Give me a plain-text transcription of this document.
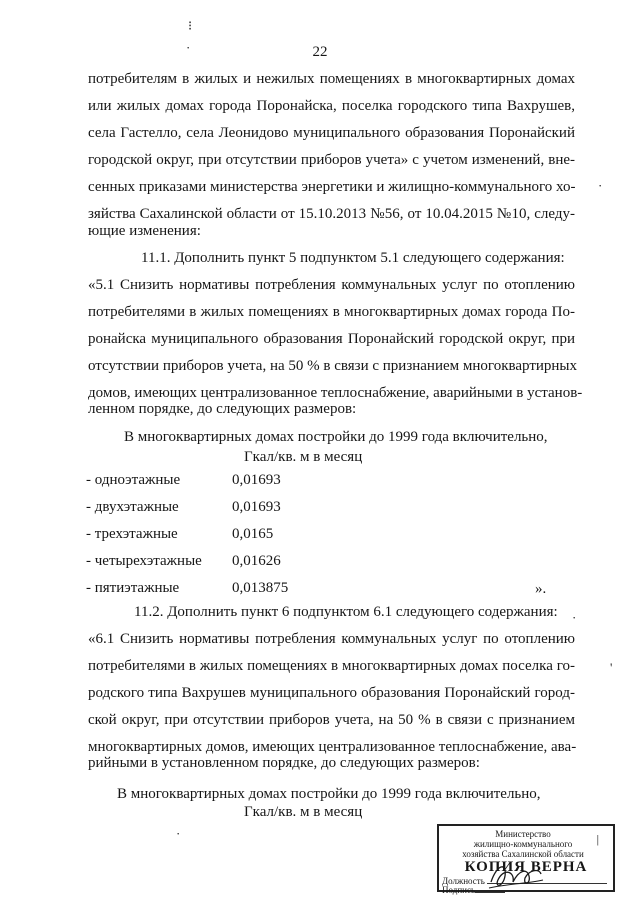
22
потребителям в жилых и нежилых помещениях в многоквартирных домах
или жилых домах города Поронайска, поселка городского типа Вахрушев,
села Гастелло, села Леонидово муниципального образования Поронайский
городской округ, при отсутствии приборов учета» с учетом изменений, вне-
сенных приказами министерства энергетики и жилищно-коммунального хо-
зяйства Сахалинской области от 15.10.2013 №56, от 10.04.2015 №10, следу-
ющие изменения:
11.1. Дополнить пункт 5 подпунктом 5.1 следующего содержания:
«5.1 Снизить нормативы потребления коммунальных услуг по отоплению
потребителями в жилых помещениях в многоквартирных домах города По-
ронайска муниципального образования Поронайский городской округ, при
отсутствии приборов учета, на 50 % в связи с признанием многоквартирных
домов, имеющих централизованное теплоснабжение, аварийными в установ-
ленном порядке, до следующих размеров:
В многоквартирных домах постройки до 1999 года включительно,
Гкал/кв. м в месяц
- одноэтажные	0,01693
- двухэтажные	0,01693
- трехэтажные	0,0165
- четырехэтажные 0,01626
- пятиэтажные	0,013875	».
11.2. Дополнить пункт 6 подпунктом 6.1 следующего содержания:
«6.1 Снизить нормативы потребления коммунальных услуг по отоплению
потребителями в жилых помещениях в многоквартирных домах поселка го-
родского типа Вахрушев муниципального образования Поронайский город-
ской округ, при отсутствии приборов учета, на 50 % в связи с признанием
многоквартирных домов, имеющих централизованное теплоснабжение, ава-
рийными в установленном порядке, до следующих размеров:
В многоквартирных домах постройки до 1999 года включительно,
Гкал/кв. м в месяц
⁝
·
·
·
'
·	Министерство
жилищно-коммунального
хозяйства Сахалинской области
|
КОПИЯ ВЕРНА
Должность
Подпись
